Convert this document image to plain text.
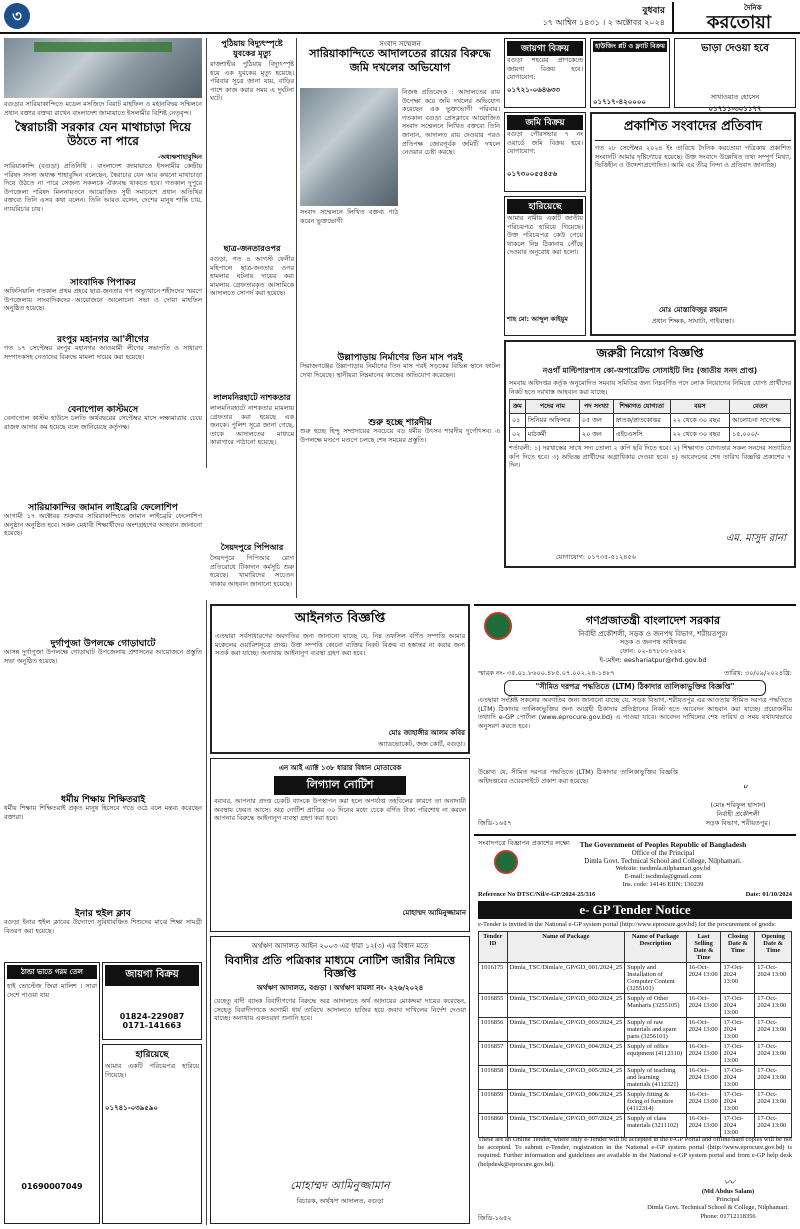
৩	বুধবার
১৭ আশ্বিন ১৪৩১ । ২ অক্টোবর ২০২৪
দৈনিক
করতোয়া
বগুড়ার সারিয়াকান্দিতে মডেল মসজিদে বিরাট মাহফিল ও মহানবিদ্বয় সম্মিলনে প্রধান বক্তার বক্তব্য রাখেন বাংলাদেশ জামায়াতে ইসলামীর বিশিষ্ট নেতৃবৃন্দ।
স্বৈরাচারী সরকার যেন মাথাচাড়া দিয়ে উঠতে না পারে
-অধ্যক্ষশাহাবুদ্দিন
সারিয়াকান্দি (বগুড়া) প্রতিনিধি : বাংলাদেশ জামায়াতে ইসলামীর কেন্দ্রীয় পরিষদ সদস্য অধ্যক্ষ শাহাবুদ্দিন বলেছেন, স্বৈরাচার যেন আর কখনো মাথাচাড়া দিয়ে উঠতে না পারে সেজন্য সকলকে ঐক্যবদ্ধ থাকতে হবে। গতকাল দুপুরে উপজেলা পরিষদ মিলনায়তনে আয়োজিত সুধী সমাবেশে প্রধান অতিথির বক্তব্যে তিনি এসব কথা বলেন। তিনি আরও বলেন, দেশের মানুষ শান্তি চায়, ন্যায়বিচার চায়।
সাংবাদিক পিপাকর
অফিসিয়ালি গতকাল প্রথম প্রহরে ছাত্র-জনতার গণ অভ্যুত্থানে শহীদদের স্মরণে উপজেলায় সাংবাদিকদের আয়োজনে আলোচনা সভা ও দোয়া মাহফিল অনুষ্ঠিত হয়েছে।
রংপুর মহানগর আ'লীগের
গত ১৭ সেপ্টেম্বর রংপুর মহানগর আওয়ামী লীগের সভাপতি ও সাধারণ সম্পাদকসহ নেতাদের বিরুদ্ধে মামলা দায়ের করা হয়েছে।
বেনাপোল কাস্টমসে
বেনাপোল কাস্টম হাউসে চলতি অর্থবছরের সেপ্টেম্বর মাসে লক্ষ্যমাত্রার চেয়ে রাজস্ব আদায় কম হয়েছে বলে জানিয়েছে কর্তৃপক্ষ।
সারিয়াকান্দির জামান লাইব্রেরি ফেলোশিপ
আগামী ১৭ অক্টোবর শুক্রবার সারিয়াকান্দিতে জামান লাইব্রেরি ফেলোশিপ অনুষ্ঠান অনুষ্ঠিত হবে। সকল মেধাবী শিক্ষার্থীদের অংশগ্রহণের আহবান জানানো হয়েছে।
দুর্গাপুজা উপলক্ষে গোড়াঘাটে
আসন্ন দুর্গাপুজা উপলক্ষে গোড়াঘাট উপজেলায় প্রশাসনের আয়োজনে প্রস্তুতি সভা অনুষ্ঠিত হয়েছে।
ধর্মীয় শিক্ষায় শিক্ষিতরাই
ধর্মীয় শিক্ষায় শিক্ষিতরাই প্রকৃত মানুষ হিসেবে গড়ে ওঠে বলে মন্তব্য করেছেন বক্তারা।
ইনার হুইল ক্লাব
বগুড়া ইনার হুইল ক্লাবের উদ্যোগে সুবিধাবঞ্চিত শিশুদের মাঝে শিক্ষা সামগ্রী বিতরণ করা হয়েছে।
ঠান্ডা ভাতে গরম তেল
হাই ভোল্টেজ জিরা মালিশ । সারা দেশে পাওয়া যায়
01690007049
জায়গা বিক্রয়
01824-229087
0171-141663
হারিয়েছে
আমার একটি পরিচয়পত্র হারিয়ে গিয়েছে।
০১৭৪১-০৩৯৫৯০
পুঠিয়ায় বিদ্যুৎস্পৃষ্টে যুবকের মৃত্যু
রাজশাহীর পুঠিয়ায় বিদ্যুৎস্পৃষ্ট হয়ে এক যুবকের মৃত্যু হয়েছে। পরিবার সূত্রে জানা যায়, বাড়ির পাশে কাজ করার সময় এ দুর্ঘটনা ঘটে।
ছাত্র-জনতারওপর
বগুড়া, গত ৪ আগস্ট ফেনীর মহিপালে ছাত্র-জনতার ওপর হামলার ঘটনায় দায়ের করা মামলায় গ্রেফতারকৃত আসামিকে আদালতে সোপর্দ করা হয়েছে।
লালমনিরহাটে নাশকতার
লালমনিরহাটে নাশকতার মামলায় গ্রেফতার করা হয়েছে এক জনকে। পুলিশ সূত্রে জানা গেছে, তাকে আদালতের মাধ্যমে কারাগারে পাঠানো হয়েছে।
সৈয়দপুরে পিপিআর
সৈয়দপুরে পিপিআর রোগ প্রতিরোধে টিকাদান কর্মসূচি শুরু হয়েছে। খামারিদের সচেতন থাকার আহবান জানানো হয়েছে।
সংবাদ সম্মেলন
সারিয়াকান্দিতে আদালতের রায়ের বিরুদ্ধে জমি দখলের অভিযোগ
সংবাদ সম্মেলনে লিখিত বক্তব্য পাঠ করেন ভুক্তভোগী
নিজস্ব প্রতিবেদক : আদালতের রায় উপেক্ষা করে জমি দখলের অভিযোগ করেছেন এক ভুক্তভোগী পরিবার। গতকাল বগুড়া প্রেসক্লাবে আয়োজিত সংবাদ সম্মেলনে লিখিত বক্তব্যে তিনি জানান, আদালত রায় দেওয়ার পরও প্রতিপক্ষ জোরপূর্বক জমিটি দখলে নেওয়ার চেষ্টা করছে।
উল্লাপাড়ায় নির্মাণের তিন মাস পরই
সিরাজগঞ্জের উল্লাপাড়ায় নির্মাণের তিন মাস পরই সড়কের বিভিন্ন স্থানে ফাটল দেখা দিয়েছে। স্থানীয়রা নিম্নমানের কাজের অভিযোগ করেছেন।
শুরু হচ্ছে শারদীয়
শুরু হচ্ছে হিন্দু সম্প্রদায়ের সবচেয়ে বড় ধর্মীয় উৎসব শারদীয় দুর্গোৎসব। এ উপলক্ষে মণ্ডপে মণ্ডপে চলছে শেষ সময়ের প্রস্তুতি।
জায়গা বিক্রয়
বগুড়া শহরের প্রাণকেন্দ্রে জায়গা বিক্রয় হবে। যোগাযোগ:
০১৭২১-০৬৪৬৩৩
হাউজিং প্লট ও ফ্ল্যাট বিক্রয়
০১৭১৭-৪২০০০০
ভাড়া দেওয়া হবে
সাখাওয়াত হোসেন
০১৭১১-৩০১১৭৭
জমি বিক্রয়
বগুড়া পৌরসভার ৭ নং ওয়ার্ডে জমি বিক্রয় হবে। যোগাযোগ:
০১৭৩০০৫৫৪৫৬
হারিয়েছে
আমার নামীয় একটি জাতীয় পরিচয়পত্র হারিয়ে গিয়েছে। উক্ত পরিচয়পত্র কেউ পেয়ে থাকলে নিম্ন ঠিকানায় পৌঁছে দেওয়ার অনুরোধ করা হলো।
শাহ মো: আব্দুল কাইয়ুম
প্রকাশিত সংবাদের প্রতিবাদ
গত ২৮ সেপ্টেম্বর ২০২৪ ইং তারিখে দৈনিক করতোয়া পত্রিকায় প্রকাশিত সংবাদটি আমার দৃষ্টিগোচর হয়েছে। উক্ত সংবাদে উল্লেখিত তথ্য সম্পূর্ণ মিথ্যা, ভিত্তিহীন ও উদ্দেশ্যপ্রণোদিত। আমি এর তীব্র নিন্দা ও প্রতিবাদ জানাচ্ছি।
মোঃ মোস্তাফিজুর রহমান
প্রধান শিক্ষক, সাঘাটা, গাইবান্ধা।
জরুরী নিয়োগ বিজ্ঞপ্তি
নওগাঁ মাল্টিপারপাস কো-অপারেটিভ সোসাইটি লিঃ (জাতীয় সনদ প্রাপ্ত)
সমবায় অধিদপ্তর কর্তৃক অনুমোদিত সমবায় সমিতির জন্য নিম্নবর্ণিত পদে লোক নিয়োগের নিমিত্তে যোগ্য প্রার্থীদের নিকট হতে দরখাস্ত আহবান করা যাচ্ছে।
ক্রম	পদের নাম	পদ সংখ্যা	শিক্ষাগত যোগ্যতা	বয়স	বেতন
০১	সিনিয়র অফিসার	০৫ জন	স্নাতক/স্নাতকোত্তর	২২ থেকে ৩০ বছর	আলোচনা সাপেক্ষে
০২	মাঠকর্মী	২০ জন	এইচএসসি	২২ থেকে ৩০ বছর	১৫,০০০/-
শর্তাবলী: ১) দরখাস্তের সাথে সদ্য তোলা ২ কপি ছবি দিতে হবে। ২) শিক্ষাগত যোগ্যতার সকল সনদের সত্যায়িত কপি দিতে হবে। ৩) অভিজ্ঞ প্রার্থীদের অগ্রাধিকার দেওয়া হবে। ৪) আবেদনের শেষ তারিখ বিজ্ঞপ্তি প্রকাশের ৭ দিন।
এম. মাসুদ রানা
যোগাযোগ: ০১৭৩৫-৫১২৪৫৬
আইনগত বিজ্ঞপ্তি
এতদ্বারা সর্বসাধারণের অবগতির জন্য জানানো যাচ্ছে যে, নিম্ন তফসিল বর্ণিত সম্পত্তি আমার মক্কেলের ওয়ারিশসূত্রে প্রাপ্ত। উক্ত সম্পত্তি কোনো ব্যক্তির নিকট বিক্রয় বা হস্তান্তর না করার জন্য সতর্ক করা যাচ্ছে। অন্যথায় আইনানুগ ব্যবস্থা গ্রহণ করা হবে।
মোঃ জাহাঙ্গীর আলম কবির
অ্যাডভোকেট, জজ কোর্ট, বগুড়া।
এন আই এ্যাক্ট ১৩৮ ধারার বিধান মোতাবেক
লিগ্যাল নোটিশ
বরাবর, আপনার প্রদত্ত চেকটি ব্যাংকে উপস্থাপন করা হলে অপর্যাপ্ত তহবিলের কারণে তা অনাদায়ী অবস্থায় ফেরত আসে। অত্র নোটিশ প্রাপ্তির ৩০ দিনের মধ্যে চেকে বর্ণিত টাকা পরিশোধ না করলে আপনার বিরুদ্ধে আইনানুগ ব্যবস্থা গ্রহণ করা হবে।
মোহাম্মদ আমিনুজ্জামান
অর্থঋণ আদালত আইন ২০০৩ এর ধারা ১২(৩) এর বিধান মতে
বিবাদীর প্রতি পত্রিকার মাধ্যমে নোটিশ জারীর নিমিত্তে বিজ্ঞপ্তি
অর্থঋণ আদালত, বগুড়া । অর্থঋণ মামলা নং- ২২৬/২০২৪
যেহেতু বাদী ব্যাংক বিবাদীগণের বিরুদ্ধে অত্র আদালতে অর্থ আদায়ের মোকদ্দমা দায়ের করেছেন, সেহেতু বিবাদীগণকে আগামী ধার্য তারিখে আদালতে হাজির হয়ে জবাব দাখিলের নির্দেশ দেওয়া যাচ্ছে। অন্যথায় একতরফা শুনানি হবে।
মোহাম্মদ আমিনুজ্জামান
বিচারক, অর্থঋণ আদালত, বগুড়া
গণপ্রজাতন্ত্রী বাংলাদেশ সরকার
নির্বাহী প্রকৌশলী, সড়ক ও জনপথ বিভাগ, শরীয়তপুর।
সড়ক ও জনপথ অধিদপ্তর
ফোন: ০২-৪৭৮৮৮২৬৪২
ই-মেইল: eeshariatpur@rhd.gov.bd
স্মারক নং- ৩৫.০১.৮৬০০.৪৮৫.০৭.০০২.২৪-১৪৮৭	তারিখ: ৩০/০৯/২০২৪খ্রি:
"সীমিত দরপত্র পদ্ধতিতে (LTM) ঠিকাদার তালিকাভুক্তির বিজ্ঞপ্তি"
এতদ্বারা সংশ্লিষ্ট সকলের অবগতির জন্য জানানো যাচ্ছে যে, সড়ক বিভাগ, শরীয়তপুর এর আওতায় সীমিত দরপত্র পদ্ধতিতে (LTM) ঠিকাদার তালিকাভুক্তির জন্য আগ্রহী ঠিকাদার প্রতিষ্ঠানের নিকট হতে আবেদন আহবান করা যাচ্ছে। প্রয়োজনীয় তথ্যাদি e-GP পোর্টাল (www.eprocure.gov.bd) এ পাওয়া যাবে। আবেদন দাখিলের শেষ তারিখ ও সময় যথাযথভাবে অনুসরণ করতে হবে।
উল্লেখ্য যে, সীমিত দরপত্র পদ্ধতিতে (LTM) ঠিকাদার তালিকাভুক্তির বিজ্ঞপ্তি অধিদপ্তরের ওয়েবসাইটে প্রকাশ করা হয়েছে।
ᐡ
(মোঃ শরিফুল হাসান)
নির্বাহী প্রকৌশলী
সড়ক বিভাগ, শরীয়তপুর।
জিডি-১৬৫৭
সংবাদপত্রে বিজ্ঞাপন প্রকাশের লক্ষ্যে	The Government of Peoples Republic of Bangladesh
Office of the Principal
Dimla Govt. Technical School and College, Nilphamari.
Website: tsedimla.nilphamari.gov.bd
E-mail: tscdimla@gmail.com
Ins. code: 14146 EIIN: 130239
Reference No DTSC/Nil/e-GP/2024-25/316	Date: 01/10/2024
e- GP Tender Notice
e-Tender is invited in the National e-GP system portal (http://www.eprocure.gov.bd) for the procurement of goods:
Tender ID	Name of Package	Name of Package Description	Last Selling Date & Time	Closing Date & Time	Opening Date & Time
1016175	Dimla_TSC/Dimla/e_GP/GD_001/2024_25	Supply and Installation of Computer Content (3255101)	16-Oct-2024 13:00	17-Oct-2024 13:00	17-Oct-2024 13:00
1016855	Dimla_TSC/Dimla/e_GP/GD_002/2024_25	Supply of Other Manharis (3255105)	16-Oct-2024 13:00	17-Oct-2024 13:00	17-Oct-2024 13:00
1016856	Dimla_TSC/Dimla/e_GP/GD_003/2024_25	Supply of raw materials and spare parts (3256101)	16-Oct-2024 13:00	17-Oct-2024 13:00	17-Oct-2024 13:00
1016857	Dimla_TSC/Dimla/e_GP/GD_004/2024_25	Supply of office equipment (4112310)	16-Oct-2024 13:00	17-Oct-2024 13:00	17-Oct-2024 13:00
1016858	Dimla_TSC/Dimla/e_GP/GD_005/2024_25	Supply of teaching and learning materials (4112321)	16-Oct-2024 13:00	17-Oct-2024 13:00	17-Oct-2024 13:00
1016859	Dimla_TSC/Dimla/e_GP/GD_006/2024_25	Supply fitting & fixing of furniture (4112314)	16-Oct-2024 13:00	17-Oct-2024 13:00	17-Oct-2024 13:00
1016860	Dimla_TSC/Dimla/e_GP/GD_007/2024_25	Supply of class materials (3211102)	16-Oct-2024 13:00	17-Oct-2024 13:00	17-Oct-2024 13:00
These are an Online Tender, where only e-Tender will be accepted in the e-GP Portal and offline/hard copies will be not be accepted. To submit e-Tender, registration in the National e-GP system portal (http://www.eprocure.gov.bd) is required. Further information and guidelines are available in the National e-GP system portal and from e-GP help desk (helpdesk@eprocure.gov.bd).
〰
(Md Abdus Salam)
Principal
Dimla Govt. Technical School & College, Nilphamari.
Phone: 01712118356
জিডি-১৬৫২
